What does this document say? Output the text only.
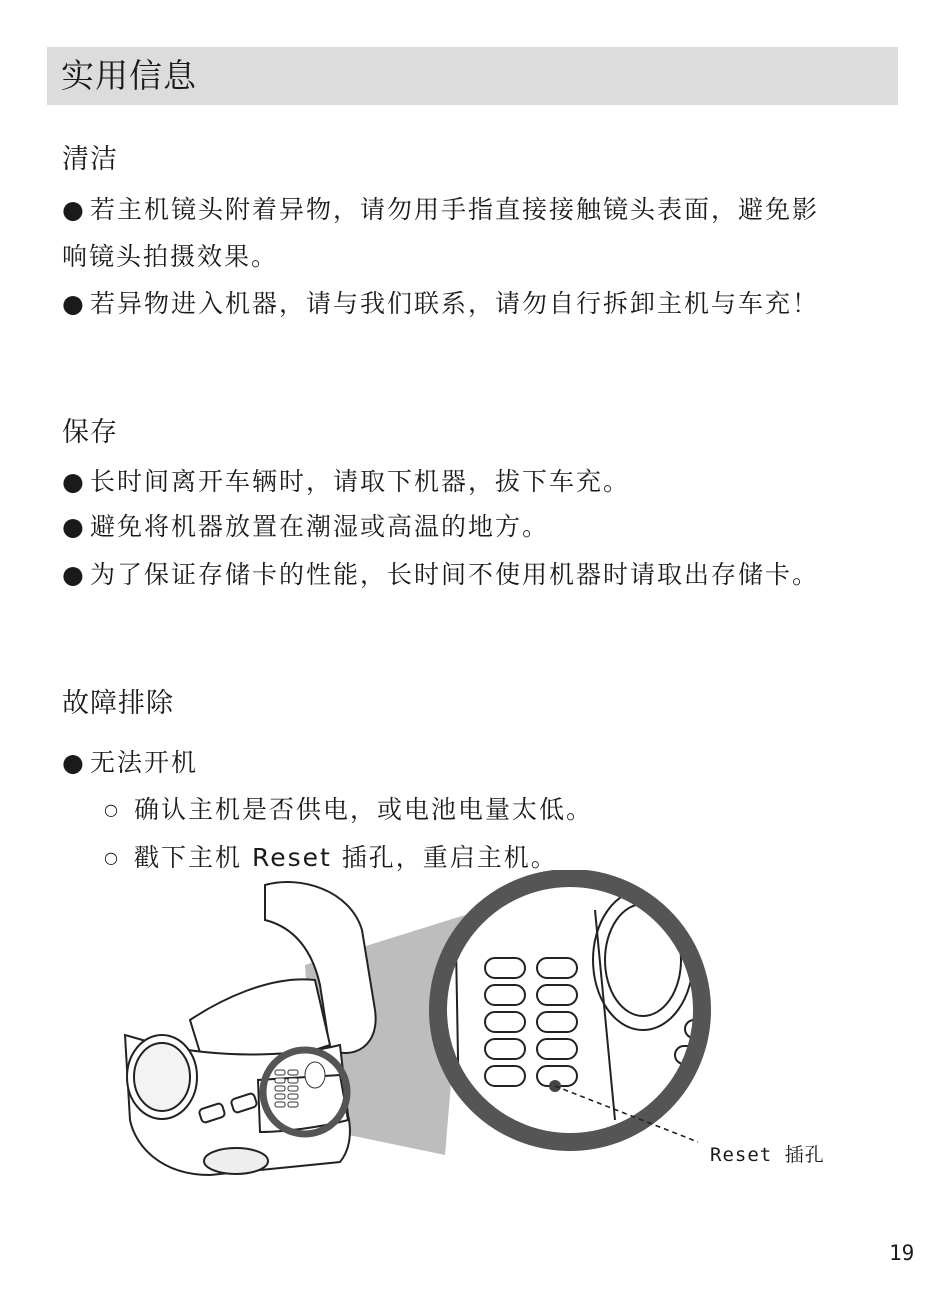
实用信息
清洁
● 若主机镜头附着异物，请勿用手指直接接触镜头表面，避免影
响镜头拍摄效果。
● 若异物进入机器，请与我们联系，请勿自行拆卸主机与车充！
保存
● 长时间离开车辆时，请取下机器，拔下车充。
● 避免将机器放置在潮湿或高温的地方。
● 为了保证存储卡的性能，长时间不使用机器时请取出存储卡。
故障排除
● 无法开机
○ 确认主机是否供电，或电池电量太低。
○ 戳下主机 Reset 插孔，重启主机。
Reset 插孔
19
